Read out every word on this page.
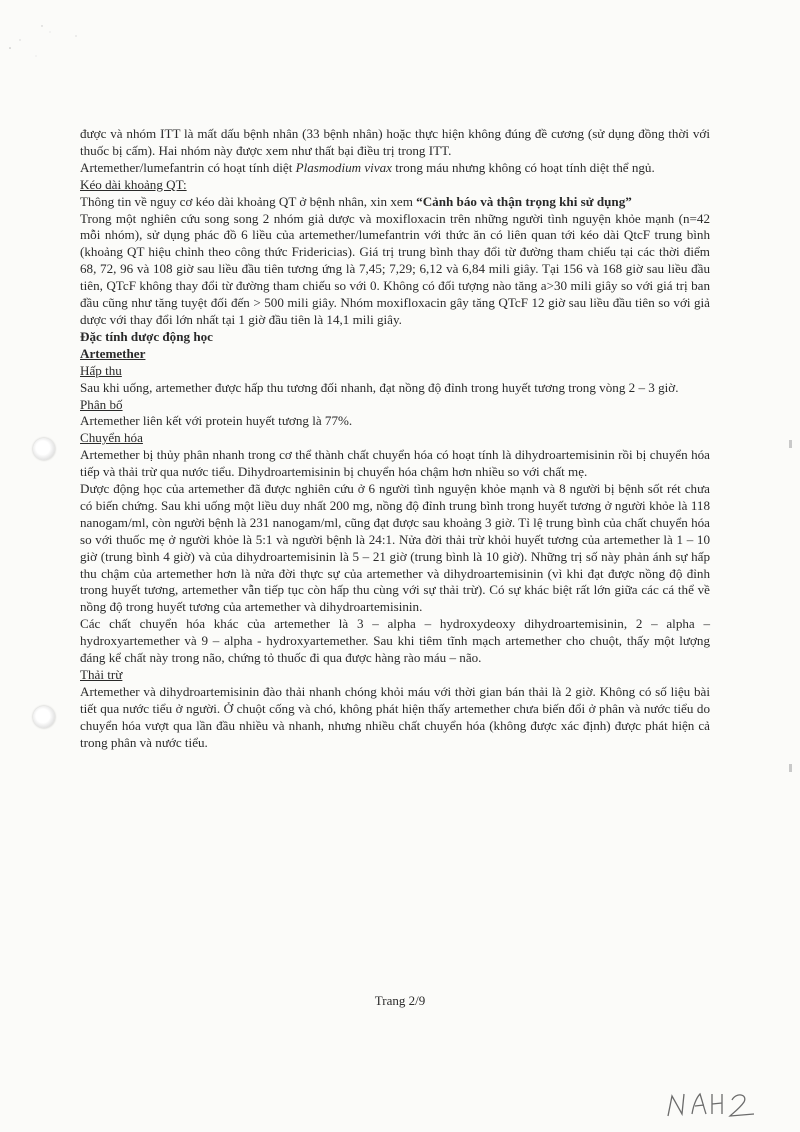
được và nhóm ITT là mất dấu bệnh nhân (33 bệnh nhân) hoặc thực hiện không đúng đề cương (sử dụng đồng thời với thuốc bị cấm). Hai nhóm này được xem như thất bại điều trị trong ITT.

Artemether/lumefantrin có hoạt tính diệt Plasmodium vivax trong máu nhưng không có hoạt tính diệt thể ngủ.

Kéo dài khoảng QT:

Thông tin về nguy cơ kéo dài khoảng QT ở bệnh nhân, xin xem “Cảnh báo và thận trọng khi sử dụng”

Trong một nghiên cứu song song 2 nhóm giả dược và moxifloxacin trên những người tình nguyện khỏe mạnh (n=42 mỗi nhóm), sử dụng phác đồ 6 liều của artemether/lumefantrin với thức ăn có liên quan tới kéo dài QtcF trung bình (khoảng QT hiệu chỉnh theo công thức Fridericias). Giá trị trung bình thay đổi từ đường tham chiếu tại các thời điểm 68, 72, 96 và 108 giờ sau liều đầu tiên tương ứng là 7,45; 7,29; 6,12 và 6,84 mili giây. Tại 156 và 168 giờ sau liều đầu tiên, QTcF không thay đổi từ đường tham chiếu so với 0. Không có đối tượng nào tăng a>30 mili giây so với giá trị ban đầu cũng như tăng tuyệt đối đến > 500 mili giây. Nhóm moxifloxacin gây tăng QTcF 12 giờ sau liều đầu tiên so với giả dược với thay đổi lớn nhất tại 1 giờ đầu tiên là 14,1 mili giây.

Đặc tính dược động học

Artemether

Hấp thu

Sau khi uống, artemether được hấp thu tương đối nhanh, đạt nồng độ đỉnh trong huyết tương trong vòng 2 – 3 giờ.

Phân bố

Artemether liên kết với protein huyết tương là 77%.

Chuyển hóa

Artemether bị thủy phân nhanh trong cơ thể thành chất chuyển hóa có hoạt tính là dihydroartemisinin rồi bị chuyển hóa tiếp và thải trừ qua nước tiểu. Dihydroartemisinin bị chuyển hóa chậm hơn nhiều so với chất mẹ.

Dược động học của artemether đã được nghiên cứu ở 6 người tình nguyện khỏe mạnh và 8 người bị bệnh sốt rét chưa có biến chứng. Sau khi uống một liều duy nhất 200 mg, nồng độ đỉnh trung bình trong huyết tương ở người khỏe là 118 nanogam/ml, còn người bệnh là 231 nanogam/ml, cũng đạt được sau khoảng 3 giờ. Tỉ lệ trung bình của chất chuyển hóa so với thuốc mẹ ở người khỏe là 5:1 và người bệnh là 24:1. Nửa đời thải trừ khỏi huyết tương của artemether là 1 – 10 giờ (trung bình 4 giờ) và của dihydroartemisinin là 5 – 21 giờ (trung bình là 10 giờ). Những trị số này phản ánh sự hấp thu chậm của artemether hơn là nửa đời thực sự của artemether và dihydroartemisinin (vì khi đạt được nồng độ đỉnh trong huyết tương, artemether vẫn tiếp tục còn hấp thu cùng với sự thải trừ). Có sự khác biệt rất lớn giữa các cá thể về nồng độ trong huyết tương của artemether và dihydroartemisinin.

Các chất chuyển hóa khác của artemether là 3 – alpha – hydroxydeoxy dihydroartemisinin, 2 – alpha – hydroxyartemether và 9 – alpha - hydroxyartemether. Sau khi tiêm tĩnh mạch artemether cho chuột, thấy một lượng đáng kể chất này trong não, chứng tỏ thuốc đi qua được hàng rào máu – não.

Thải trừ

Artemether và dihydroartemisinin đào thải nhanh chóng khỏi máu với thời gian bán thải là 2 giờ. Không có số liệu bài tiết qua nước tiểu ở người. Ở chuột cống và chó, không phát hiện thấy artemether chưa biến đổi ở phân và nước tiểu do chuyển hóa vượt qua lần đầu nhiều và nhanh, nhưng nhiều chất chuyển hóa (không được xác định) được phát hiện cả trong phân và nước tiểu.

Trang 2/9
